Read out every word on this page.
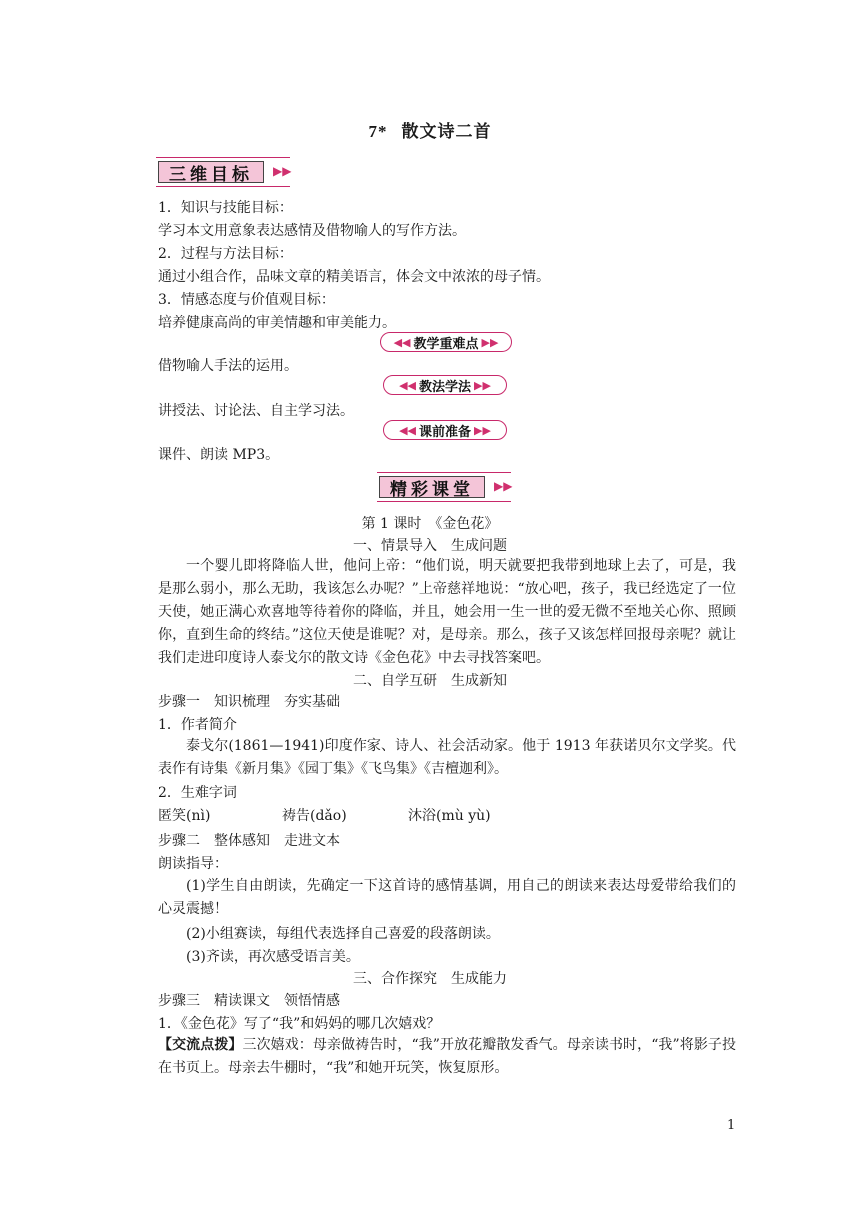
7* 散文诗二首
三维目标	▶▶
1．知识与技能目标：
学习本文用意象表达感情及借物喻人的写作方法。
2．过程与方法目标：
通过小组合作，品味文章的精美语言，体会文中浓浓的母子情。
3．情感态度与价值观目标：
培养健康高尚的审美情趣和审美能力。
◀◀ 教学重难点 ▶▶
借物喻人手法的运用。
◀◀ 教法学法 ▶▶
讲授法、讨论法、自主学习法。
◀◀ 课前准备 ▶▶
课件、朗读 MP3。
精彩课堂	▶▶
第 1 课时　《金色花》
一、情景导入　生成问题
一个婴儿即将降临人世，他问上帝：“他们说，明天就要把我带到地球上去了，可是，我是那么弱小，那么无助，我该怎么办呢？”上帝慈祥地说：“放心吧，孩子，我已经选定了一位天使，她正满心欢喜地等待着你的降临，并且，她会用一生一世的爱无微不至地关心你、照顾你，直到生命的终结。”这位天使是谁呢？对，是母亲。那么，孩子又该怎样回报母亲呢？就让我们走进印度诗人泰戈尔的散文诗《金色花》中去寻找答案吧。
二、自学互研　生成新知
步骤一　知识梳理　夯实基础
1．作者简介
泰戈尔(1861—1941)印度作家、诗人、社会活动家。他于 1913 年获诺贝尔文学奖。代表作有诗集《新月集》《园丁集》《飞鸟集》《吉檀迦利》。
2．生难字词
匿笑(nì)	祷告(dǎo)	沐浴(mù yù)
步骤二　整体感知　走进文本
朗读指导：
(1)学生自由朗读，先确定一下这首诗的感情基调，用自己的朗读来表达母爱带给我们的心灵震撼！
(2)小组赛读，每组代表选择自己喜爱的段落朗读。
(3)齐读，再次感受语言美。
三、合作探究　生成能力
步骤三　精读课文　领悟情感
1．《金色花》写了“我”和妈妈的哪几次嬉戏？
【交流点拨】三次嬉戏：母亲做祷告时，“我”开放花瓣散发香气。母亲读书时，“我”将影子投在书页上。母亲去牛棚时，“我”和她开玩笑，恢复原形。
1
